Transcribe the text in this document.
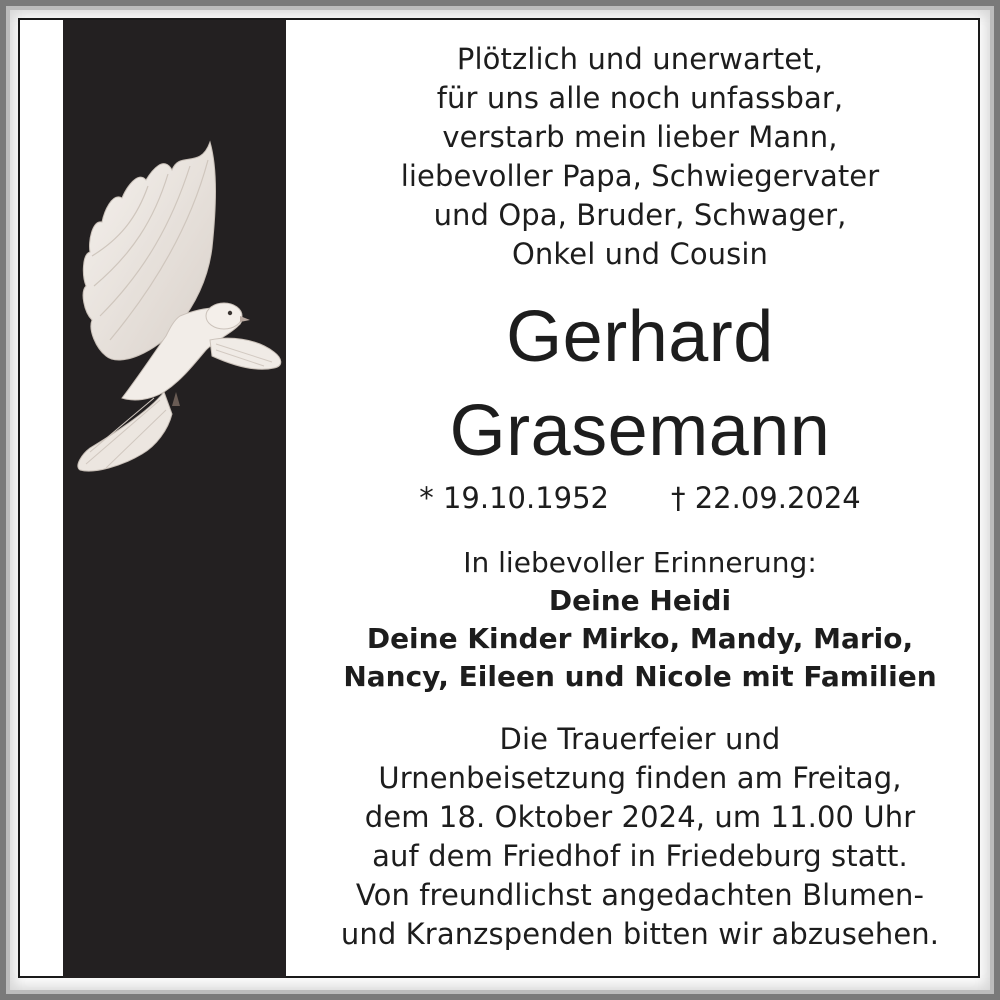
Plötzlich und unerwartet,

für uns alle noch unfassbar,

verstarb mein lieber Mann,

liebevoller Papa, Schwiegervater

und Opa, Bruder, Schwager,

Onkel und Cousin

Gerhard
Grasemann
* 19.10.1952 † 22.09.2024

In liebevoller Erinnerung:

Deine Heidi

Deine Kinder Mirko, Mandy, Mario,

Nancy, Eileen und Nicole mit Familien

Die Trauerfeier und

Urnenbeisetzung finden am Freitag,

dem 18. Oktober 2024, um 11.00 Uhr

auf dem Friedhof in Friedeburg statt.

Von freundlichst angedachten Blumen-

und Kranzspenden bitten wir abzusehen.
